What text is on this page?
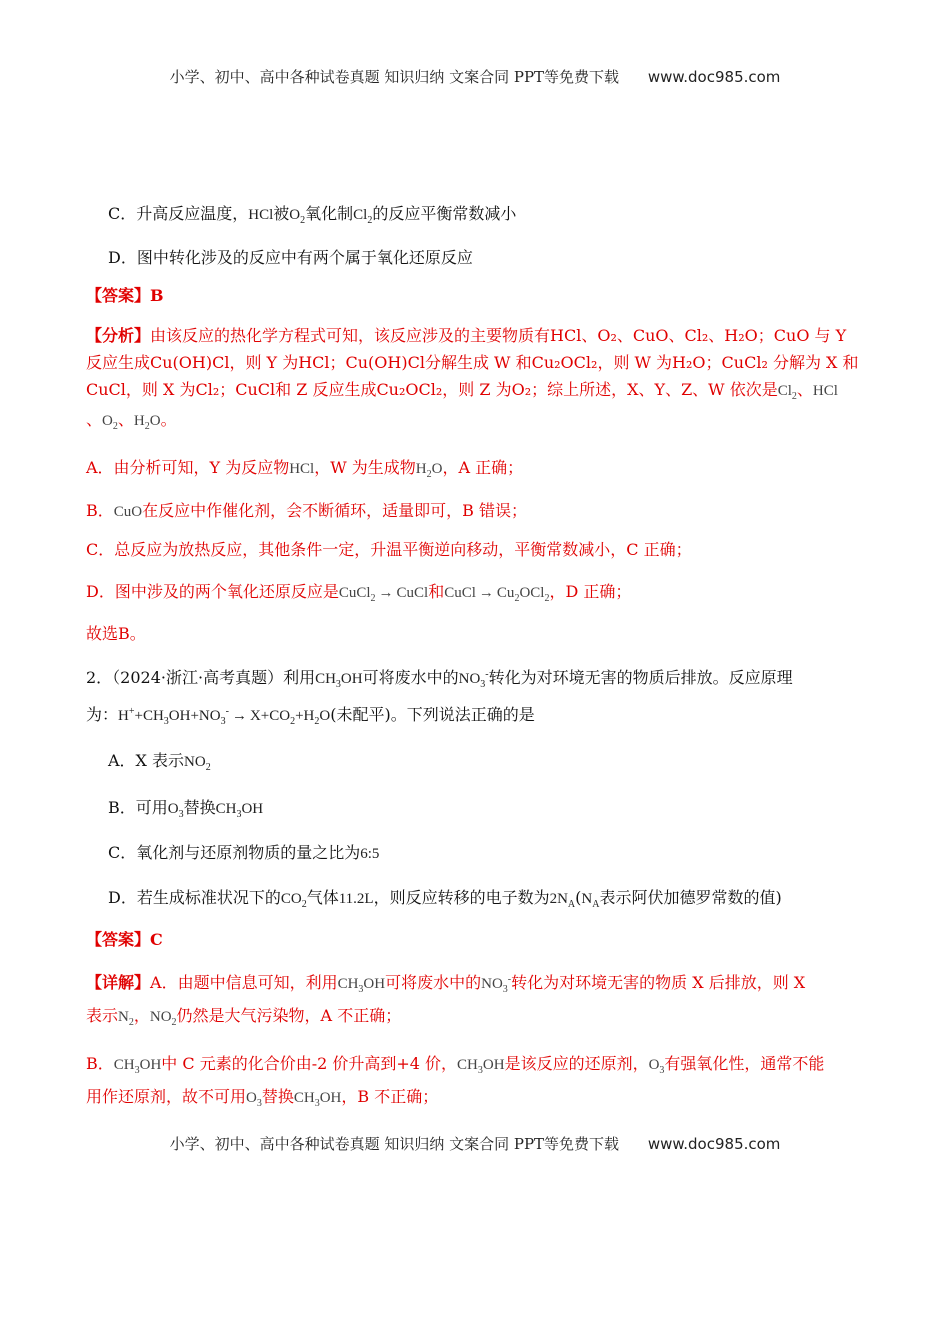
小学、初中、高中各种试卷真题 知识归纳 文案合同 PPT等免费下载 www.doc985.com
C．升高反应温度，HCl被$O_2$氧化制$Cl_2$的反应平衡常数减小
D．图中转化涉及的反应中有两个属于氧化还原反应
【答案】B
【分析】由该反应的热化学方程式可知，该反应涉及的主要物质有HCl、O₂、CuO、Cl₂、H₂O；CuO 与 Y
反应生成Cu(OH)Cl，则 Y 为HCl；Cu(OH)Cl分解生成 W 和Cu₂OCl₂，则 W 为H₂O；CuCl₂ 分解为 X 和
CuCl，则 X 为Cl₂；CuCl和 Z 反应生成Cu₂OCl₂，则 Z 为O₂；综上所述，X、Y、Z、W 依次是$Cl_2$、HCl
、$O_2$、$H_2O$。
A．由分析可知，Y 为反应物HCl，W 为生成物$H_2O$，A 正确；
B．CuO在反应中作催化剂，会不断循环，适量即可，B 错误；
C．总反应为放热反应，其他条件一定，升温平衡逆向移动，平衡常数减小，C 正确；
D．图中涉及的两个氧化还原反应是CuCl$_2$ → CuCl和CuCl → $Cu_2OCl_2$，D 正确；
故选B。
2．（2024·浙江·高考真题）利用$CH_3OH$可将废水中的$NO_3^-$转化为对环境无害的物质后排放。反应原理
为：$H^++CH_3OH+NO_3^- \to X+CO_2+H_2O$(未配平)。下列说法正确的是
A．X 表示$NO_2$
B．可用$O_3$替换$CH_3OH$
C．氧化剂与还原剂物质的量之比为6:5
D．若生成标准状况下的$CO_2$气体11.2L，则反应转移的电子数为$2N_A(N_A$表示阿伏加德罗常数的值)
【答案】C
【详解】A．由题中信息可知，利用$CH_3OH$可将废水中的$NO_3^-$转化为对环境无害的物质 X 后排放，则 X
表示$N_2$，$NO_2$仍然是大气污染物，A 不正确；
B．$CH_3OH$中 C 元素的化合价由-2 价升高到+4 价，$CH_3OH$是该反应的还原剂，$O_3$有强氧化性，通常不能
用作还原剂，故不可用$O_3$替换$CH_3OH$，B 不正确；
小学、初中、高中各种试卷真题 知识归纳 文案合同 PPT等免费下载 www.doc985.com
